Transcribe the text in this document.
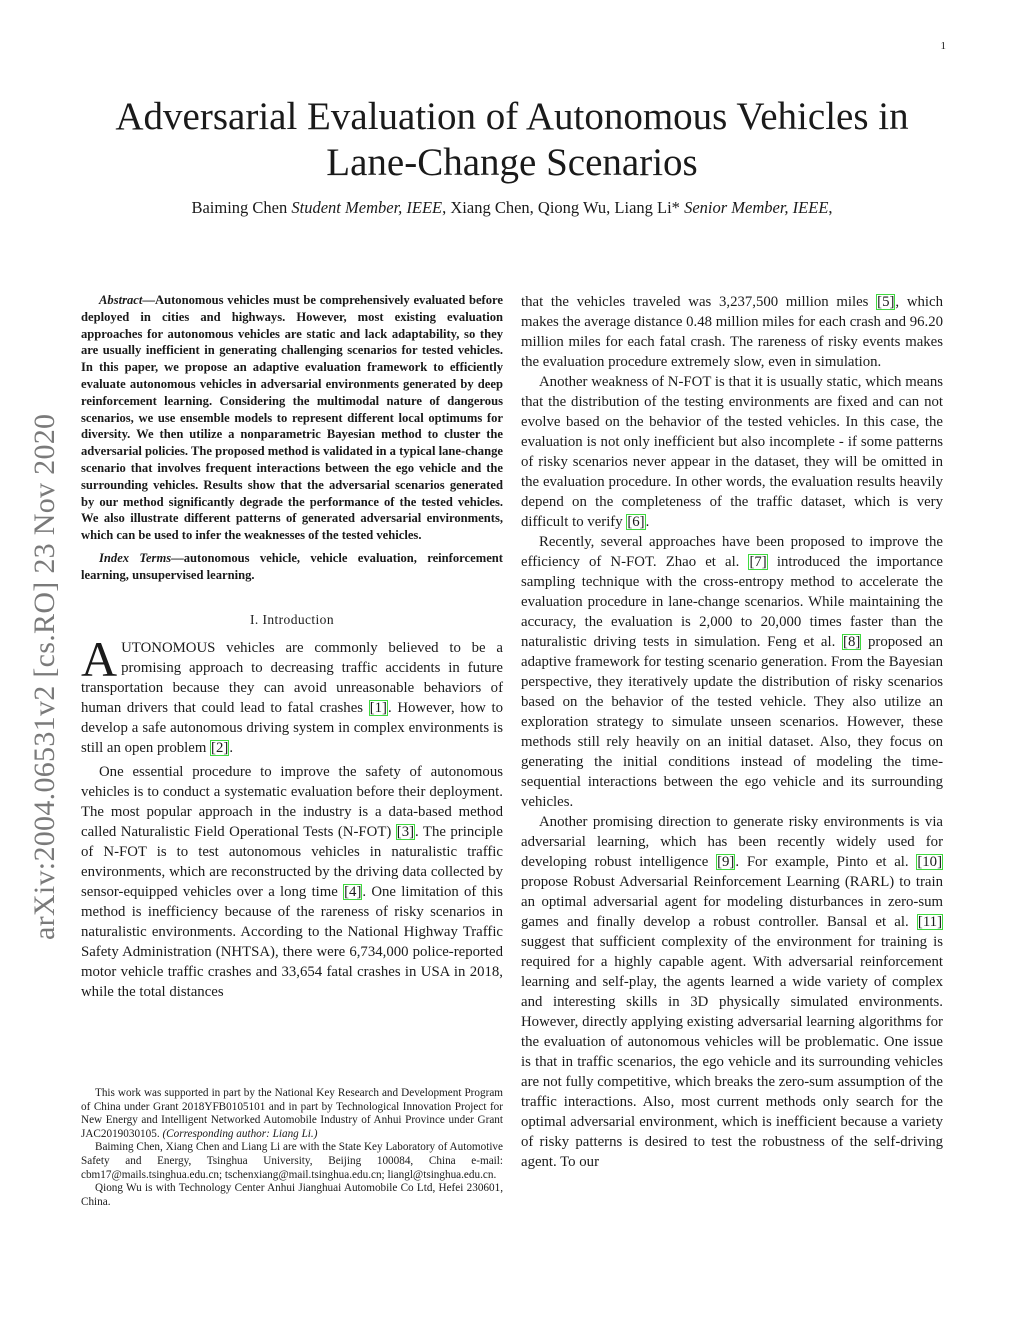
1
arXiv:2004.06531v2 [cs.RO] 23 Nov 2020
Adversarial Evaluation of Autonomous Vehicles in Lane-Change Scenarios
Baiming Chen Student Member, IEEE, Xiang Chen, Qiong Wu, Liang Li* Senior Member, IEEE,

Abstract—Autonomous vehicles must be comprehensively evaluated before deployed in cities and highways. However, most existing evaluation approaches for autonomous vehicles are static and lack adaptability, so they are usually inefficient in generating challenging scenarios for tested vehicles. In this paper, we propose an adaptive evaluation framework to efficiently evaluate autonomous vehicles in adversarial environments generated by deep reinforcement learning. Considering the multimodal nature of dangerous scenarios, we use ensemble models to represent different local optimums for diversity. We then utilize a nonparametric Bayesian method to cluster the adversarial policies. The proposed method is validated in a typical lane-change scenario that involves frequent interactions between the ego vehicle and the surrounding vehicles. Results show that the adversarial scenarios generated by our method significantly degrade the performance of the tested vehicles. We also illustrate different patterns of generated adversarial environments, which can be used to infer the weaknesses of the tested vehicles.

Index Terms—autonomous vehicle, vehicle evaluation, reinforcement learning, unsupervised learning.

I. Introduction

AUTONOMOUS vehicles are commonly believed to be a promising approach to decreasing traffic accidents in future transportation because they can avoid unreasonable behaviors of human drivers that could lead to fatal crashes [1]. However, how to develop a safe autonomous driving system in complex environments is still an open problem [2].

One essential procedure to improve the safety of autonomous vehicles is to conduct a systematic evaluation before their deployment. The most popular approach in the industry is a data-based method called Naturalistic Field Operational Tests (N-FOT) [3]. The principle of N-FOT is to test autonomous vehicles in naturalistic traffic environments, which are reconstructed by the driving data collected by sensor-equipped vehicles over a long time [4]. One limitation of this method is inefficiency because of the rareness of risky scenarios in naturalistic environments. According to the National Highway Traffic Safety Administration (NHTSA), there were 6,734,000 police-reported motor vehicle traffic crashes and 33,654 fatal crashes in USA in 2018, while the total distances

This work was supported in part by the National Key Research and Development Program of China under Grant 2018YFB0105101 and in part by Technological Innovation Project for New Energy and Intelligent Networked Automobile Industry of Anhui Province under Grant JAC2019030105. (Corresponding author: Liang Li.)

Baiming Chen, Xiang Chen and Liang Li are with the State Key Laboratory of Automotive Safety and Energy, Tsinghua University, Beijing 100084, China e-mail: cbm17@mails.tsinghua.edu.cn; tschenxiang@mail.tsinghua.edu.cn; liangl@tsinghua.edu.cn.

Qiong Wu is with Technology Center Anhui Jianghuai Automobile Co Ltd, Hefei 230601, China.

that the vehicles traveled was 3,237,500 million miles [5], which makes the average distance 0.48 million miles for each crash and 96.20 million miles for each fatal crash. The rareness of risky events makes the evaluation procedure extremely slow, even in simulation.

Another weakness of N-FOT is that it is usually static, which means that the distribution of the testing environments are fixed and can not evolve based on the behavior of the tested vehicles. In this case, the evaluation is not only inefficient but also incomplete - if some patterns of risky scenarios never appear in the dataset, they will be omitted in the evaluation procedure. In other words, the evaluation results heavily depend on the completeness of the traffic dataset, which is very difficult to verify [6].

Recently, several approaches have been proposed to improve the efficiency of N-FOT. Zhao et al. [7] introduced the importance sampling technique with the cross-entropy method to accelerate the evaluation procedure in lane-change scenarios. While maintaining the accuracy, the evaluation is 2,000 to 20,000 times faster than the naturalistic driving tests in simulation. Feng et al. [8] proposed an adaptive framework for testing scenario generation. From the Bayesian perspective, they iteratively update the distribution of risky scenarios based on the behavior of the tested vehicle. They also utilize an exploration strategy to simulate unseen scenarios. However, these methods still rely heavily on an initial dataset. Also, they focus on generating the initial conditions instead of modeling the time-sequential interactions between the ego vehicle and its surrounding vehicles.

Another promising direction to generate risky environments is via adversarial learning, which has been recently widely used for developing robust intelligence [9]. For example, Pinto et al. [10] propose Robust Adversarial Reinforcement Learning (RARL) to train an optimal adversarial agent for modeling disturbances in zero-sum games and finally develop a robust controller. Bansal et al. [11] suggest that sufficient complexity of the environment for training is required for a highly capable agent. With adversarial reinforcement learning and self-play, the agents learned a wide variety of complex and interesting skills in 3D physically simulated environments. However, directly applying existing adversarial learning algorithms for the evaluation of autonomous vehicles will be problematic. One issue is that in traffic scenarios, the ego vehicle and its surrounding vehicles are not fully competitive, which breaks the zero-sum assumption of the traffic interactions. Also, most current methods only search for the optimal adversarial environment, which is inefficient because a variety of risky patterns is desired to test the robustness of the self-driving agent. To our
